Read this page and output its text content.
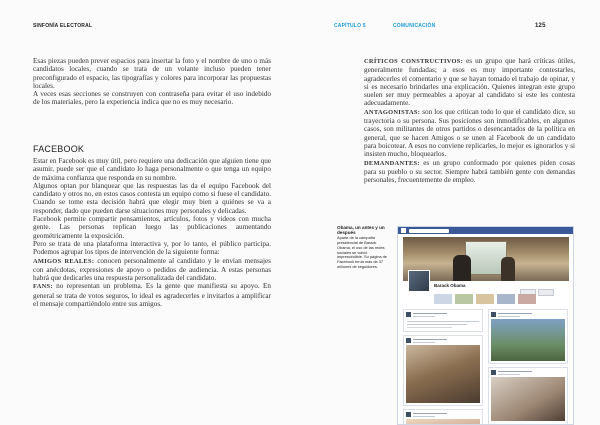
SINFONÍA ELECTORAL

Esas piezas pueden prever espacios para insertar la foto y el nombre de uno o más candidatos locales, cuando se trata de un volante incluso pueden tener preconfigurado el espacio, las tipografías y colores para incorporar las propuestas locales.

A veces esas secciones se construyen con contraseña para evitar el uso indebido de los materiales, pero la experiencia indica que no es muy necesario.

FACEBOOK

Estar en Facebook es muy útil, pero requiere una dedicación que alguien tiene que asumir, puede ser que el candidato lo haga personalmente o que tenga un equipo de máxima confianza que responda en su nombre.

Algunos optan por blanquear que las respuestas las da el equipo Facebook del candidato y otros no, en estos casos contesta un equipo como si fuese el candidato. Cuando se tome esta decisión habrá que elegir muy bien a quiénes se va a responder, dado que pueden darse situaciones muy personales y delicadas.

Facebook permite compartir pensamientos, artículos, fotos y videos con mucha gente. Las personas replican luego las publicaciones aumentando geométricamente la exposición.

Pero se trata de una plataforma interactiva y, por lo tanto, el público participa. Podemos agrupar los tipos de intervención de la siguiente forma:

AMIGOS REALES: conocen personalmente al candidato y le envían mensajes con anécdotas, expresiones de apoyo o pedidos de audiencia. A estas personas habrá que dedicarles una respuesta personalizada del candidato.

FANS: no representan un problema. Es la gente que manifiesta su apoyo. En general se trata de votos seguros, lo ideal es agradecerles e invitarlos a amplificar el mensaje compartiéndolo entre sus amigos.

CAPÍTULO 5	COMUNICACIÓN	125

CRÍTICOS CONSTRUCTIVOS: es un grupo que hará críticas útiles, generalmente fundadas; a esos es muy importante contestarles, agradecerles el comentario y que se hayan tomado el trabajo de opinar, y si es necesario brindarles una explicación. Quienes integran este grupo suelen ser muy permeables a apoyar al candidato si este les contesta adecuadamente.

ANTAGONISTAS: son los que critican todo lo que el candidato dice, su trayectoria o su persona. Sus posiciones son inmodificables, en algunos casos, son militantes de otros partidos o desencantados de la política en general, que se hacen Amigos o se unen al Facebook de un candidato para boicotear. A esos no conviene replicarles, lo mejor es ignorarlos y si insisten mucho, bloquearlos.

DEMANDANTES: es un grupo conformado por quienes piden cosas para su pueblo o su sector. Siempre habrá también gente con demandas personales, frecuentemente de empleo.

Obama, un antes y un después

Aparte de la campaña presidencial de Barack Obama, el uso de las redes sociales se volvió imprescindible. Su página de Facebook tenía más de 37 millones de seguidores.

Barack Obama
